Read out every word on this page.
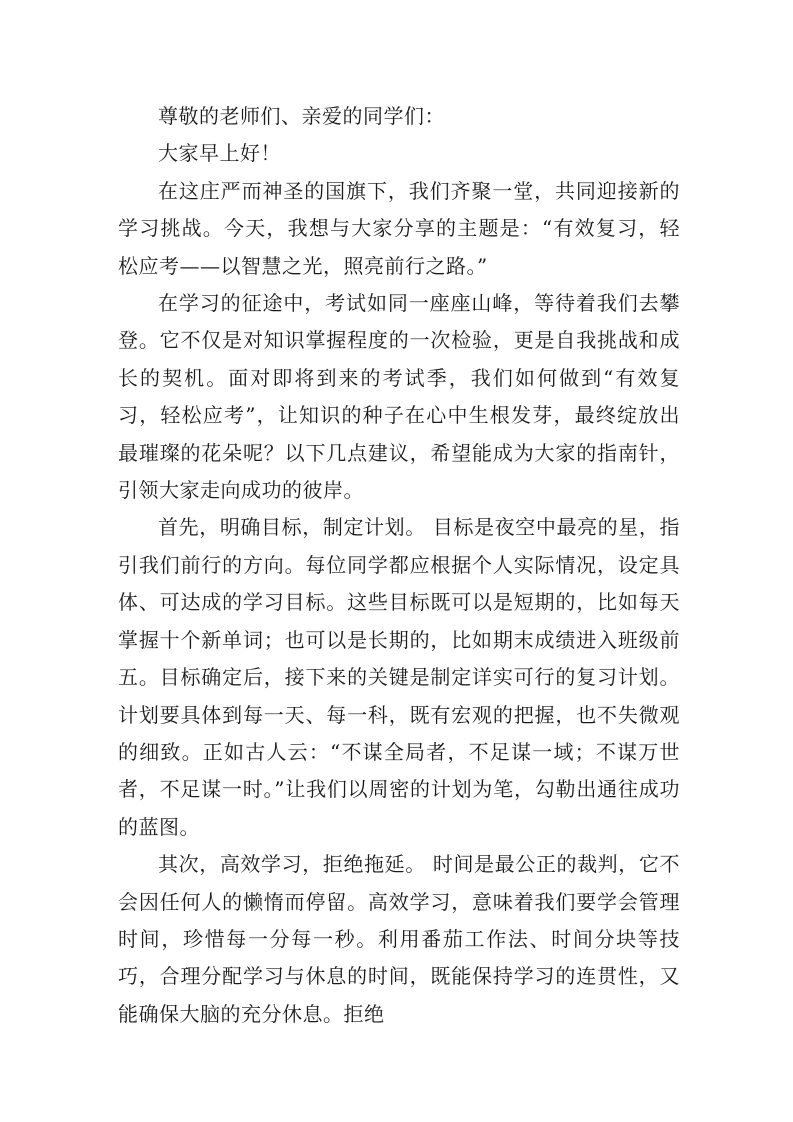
尊敬的老师们、亲爱的同学们：

大家早上好！

在这庄严而神圣的国旗下，我们齐聚一堂，共同迎接新的学习挑战。今天，我想与大家分享的主题是：“有效复习，轻松应考——以智慧之光，照亮前行之路。”

在学习的征途中，考试如同一座座山峰，等待着我们去攀登。它不仅是对知识掌握程度的一次检验，更是自我挑战和成长的契机。面对即将到来的考试季，我们如何做到“有效复习，轻松应考”，让知识的种子在心中生根发芽，最终绽放出最璀璨的花朵呢？以下几点建议，希望能成为大家的指南针，引领大家走向成功的彼岸。

首先，明确目标，制定计划。 目标是夜空中最亮的星，指引我们前行的方向。每位同学都应根据个人实际情况，设定具体、可达成的学习目标。这些目标既可以是短期的，比如每天掌握十个新单词；也可以是长期的，比如期末成绩进入班级前五。目标确定后，接下来的关键是制定详实可行的复习计划。计划要具体到每一天、每一科，既有宏观的把握，也不失微观的细致。正如古人云：“不谋全局者，不足谋一域；不谋万世者，不足谋一时。”让我们以周密的计划为笔，勾勒出通往成功的蓝图。

其次，高效学习，拒绝拖延。 时间是最公正的裁判，它不会因任何人的懒惰而停留。高效学习，意味着我们要学会管理时间，珍惜每一分每一秒。利用番茄工作法、时间分块等技巧，合理分配学习与休息的时间，既能保持学习的连贯性，又能确保大脑的充分休息。拒绝
